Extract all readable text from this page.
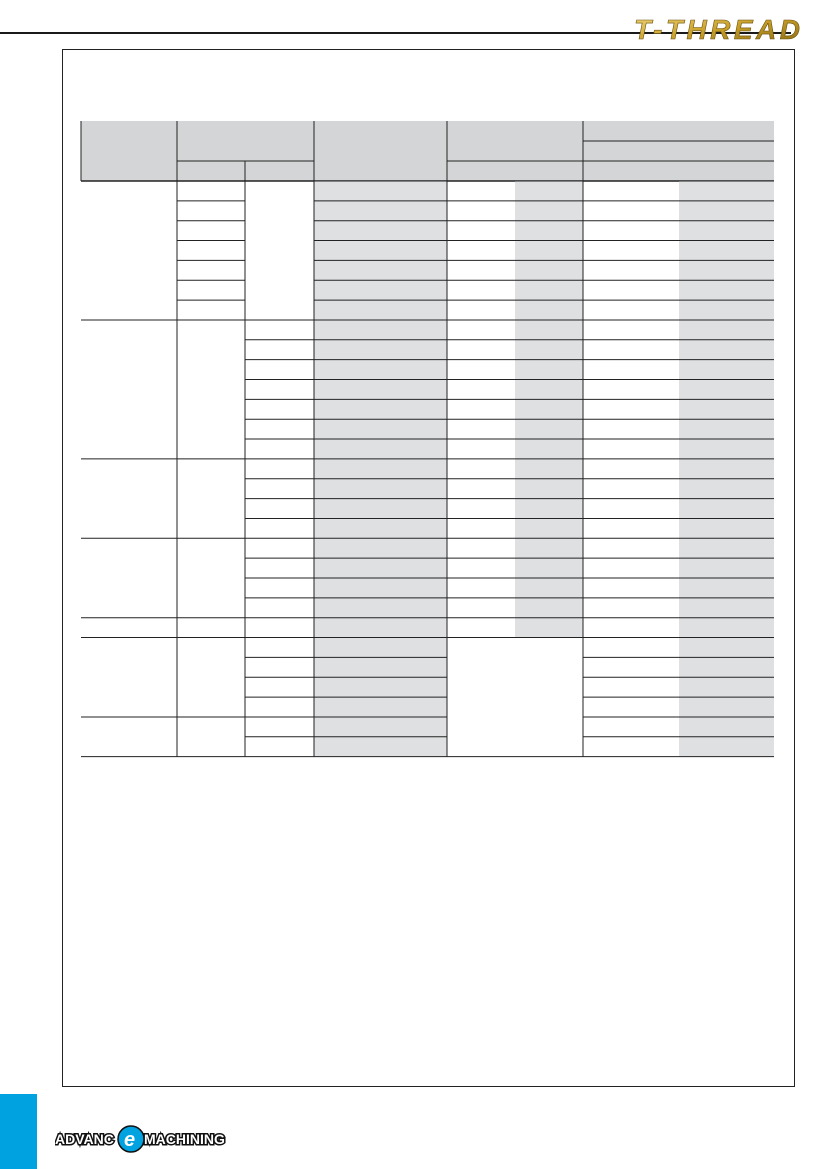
T-THREAD
ADVANC e MACHINING
